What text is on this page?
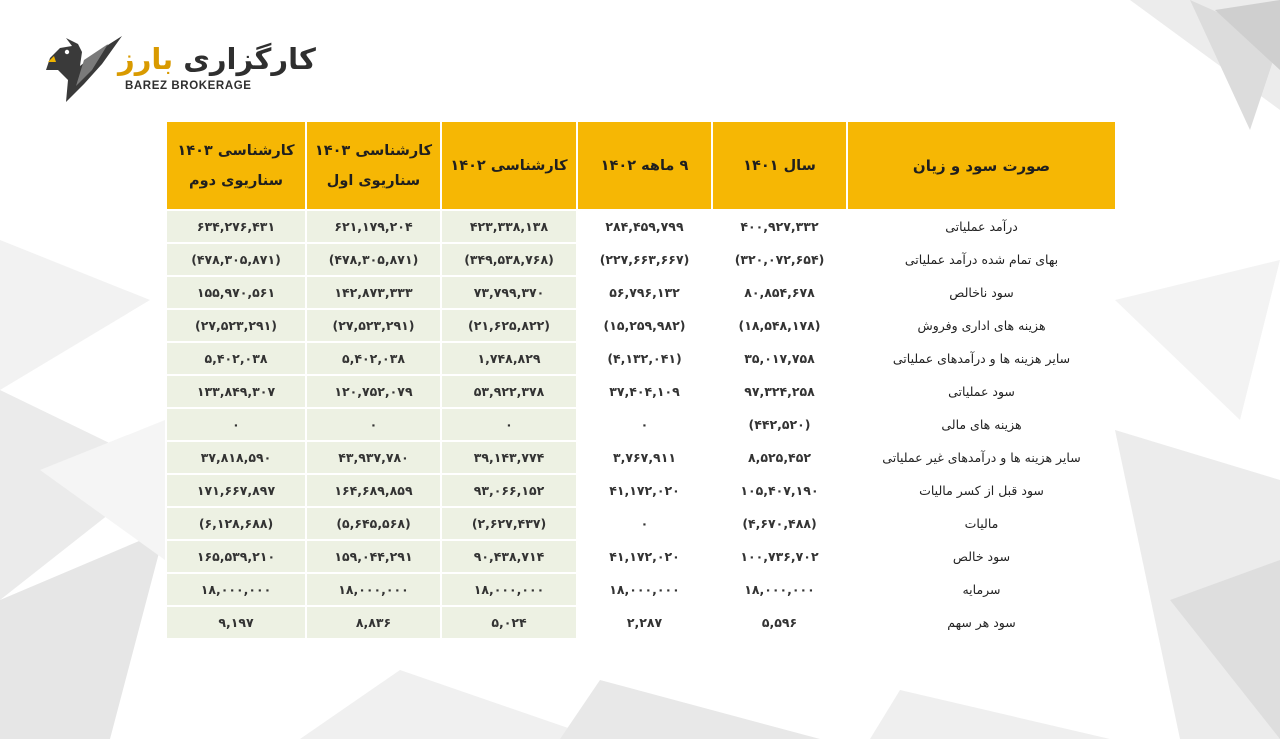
کارگزاری بارز
BAREZ BROKERAGE
صورت سود و زیان	سال ۱۴۰۱	۹ ماهه ۱۴۰۲	کارشناسی ۱۴۰۲	کارشناسی ۱۴۰۳ سناریوی اول	کارشناسی ۱۴۰۳ سناریوی دوم
درآمد عملیاتی	۴۰۰,۹۲۷,۳۳۲	۲۸۴,۴۵۹,۷۹۹	۴۲۳,۳۳۸,۱۳۸	۶۲۱,۱۷۹,۲۰۴	۶۳۴,۲۷۶,۴۳۱
بهای تمام شده درآمد عملیاتی	(۳۲۰,۰۷۲,۶۵۴)	(۲۲۷,۶۶۳,۶۶۷)	(۳۴۹,۵۳۸,۷۶۸)	(۴۷۸,۳۰۵,۸۷۱)	(۴۷۸,۳۰۵,۸۷۱)
سود ناخالص	۸۰,۸۵۴,۶۷۸	۵۶,۷۹۶,۱۳۲	۷۳,۷۹۹,۳۷۰	۱۴۲,۸۷۳,۳۳۳	۱۵۵,۹۷۰,۵۶۱
هزینه های اداری وفروش	(۱۸,۵۴۸,۱۷۸)	(۱۵,۲۵۹,۹۸۲)	(۲۱,۶۲۵,۸۲۲)	(۲۷,۵۲۳,۲۹۱)	(۲۷,۵۲۳,۲۹۱)
سایر هزینه ها و درآمدهای عملیاتی	۳۵,۰۱۷,۷۵۸	(۴,۱۳۲,۰۴۱)	۱,۷۴۸,۸۲۹	۵,۴۰۲,۰۳۸	۵,۴۰۲,۰۳۸
سود عملیاتی	۹۷,۳۲۴,۲۵۸	۳۷,۴۰۴,۱۰۹	۵۳,۹۲۲,۳۷۸	۱۲۰,۷۵۲,۰۷۹	۱۳۳,۸۴۹,۳۰۷
هزینه های مالی	(۴۴۲,۵۲۰)	۰	۰	۰	۰
سایر هزینه ها و درآمدهای غیر عملیاتی	۸,۵۲۵,۴۵۲	۳,۷۶۷,۹۱۱	۳۹,۱۴۳,۷۷۴	۴۳,۹۳۷,۷۸۰	۳۷,۸۱۸,۵۹۰
سود قبل از کسر مالیات	۱۰۵,۴۰۷,۱۹۰	۴۱,۱۷۲,۰۲۰	۹۳,۰۶۶,۱۵۲	۱۶۴,۶۸۹,۸۵۹	۱۷۱,۶۶۷,۸۹۷
مالیات	(۴,۶۷۰,۴۸۸)	۰	(۲,۶۲۷,۴۳۷)	(۵,۶۴۵,۵۶۸)	(۶,۱۲۸,۶۸۸)
سود خالص	۱۰۰,۷۳۶,۷۰۲	۴۱,۱۷۲,۰۲۰	۹۰,۴۳۸,۷۱۴	۱۵۹,۰۴۴,۲۹۱	۱۶۵,۵۳۹,۲۱۰
سرمایه	۱۸,۰۰۰,۰۰۰	۱۸,۰۰۰,۰۰۰	۱۸,۰۰۰,۰۰۰	۱۸,۰۰۰,۰۰۰	۱۸,۰۰۰,۰۰۰
سود هر سهم	۵,۵۹۶	۲,۲۸۷	۵,۰۲۴	۸,۸۳۶	۹,۱۹۷
